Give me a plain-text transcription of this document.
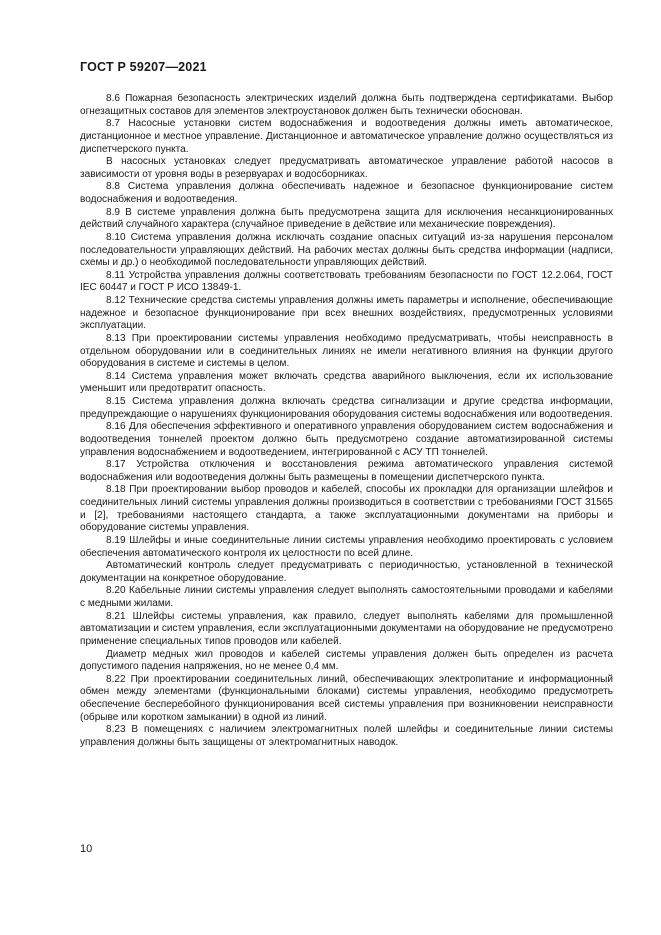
ГОСТ Р 59207—2021

8.6 Пожарная безопасность электрических изделий должна быть подтверждена сертификатами. Выбор огнезащитных составов для элементов электроустановок должен быть технически обоснован.

8.7 Насосные установки систем водоснабжения и водоотведения должны иметь автоматическое, дистанционное и местное управление. Дистанционное и автоматическое управление должно осуществляться из диспетчерского пункта.

В насосных установках следует предусматривать автоматическое управление работой насосов в зависимости от уровня воды в резервуарах и водосборниках.

8.8 Система управления должна обеспечивать надежное и безопасное функционирование систем водоснабжения и водоотведения.

8.9 В системе управления должна быть предусмотрена защита для исключения несанкционированных действий случайного характера (случайное приведение в действие или механические повреждения).

8.10 Система управления должна исключать создание опасных ситуаций из-за нарушения персоналом последовательности управляющих действий. На рабочих местах должны быть средства информации (надписи, схемы и др.) о необходимой последовательности управляющих действий.

8.11 Устройства управления должны соответствовать требованиям безопасности по ГОСТ 12.2.064, ГОСТ IEC 60447 и ГОСТ Р ИСО 13849-1.

8.12 Технические средства системы управления должны иметь параметры и исполнение, обеспечивающие надежное и безопасное функционирование при всех внешних воздействиях, предусмотренных условиями эксплуатации.

8.13 При проектировании системы управления необходимо предусматривать, чтобы неисправность в отдельном оборудовании или в соединительных линиях не имели негативного влияния на функции другого оборудования в системе и системы в целом.

8.14 Система управления может включать средства аварийного выключения, если их использование уменьшит или предотвратит опасность.

8.15 Система управления должна включать средства сигнализации и другие средства информации, предупреждающие о нарушениях функционирования оборудования системы водоснабжения или водоотведения.

8.16 Для обеспечения эффективного и оперативного управления оборудованием систем водоснабжения и водоотведения тоннелей проектом должно быть предусмотрено создание автоматизированной системы управления водоснабжением и водоотведением, интегрированной с АСУ ТП тоннелей.

8.17 Устройства отключения и восстановления режима автоматического управления системой водоснабжения или водоотведения должны быть размещены в помещении диспетчерского пункта.

8.18 При проектировании выбор проводов и кабелей, способы их прокладки для организации шлейфов и соединительных линий системы управления должны производиться в соответствии с требованиями ГОСТ 31565 и [2], требованиями настоящего стандарта, а также эксплуатационными документами на приборы и оборудование системы управления.

8.19 Шлейфы и иные соединительные линии системы управления необходимо проектировать с условием обеспечения автоматического контроля их целостности по всей длине.

Автоматический контроль следует предусматривать с периодичностью, установленной в технической документации на конкретное оборудование.

8.20 Кабельные линии системы управления следует выполнять самостоятельными проводами и кабелями с медными жилами.

8.21 Шлейфы системы управления, как правило, следует выполнять кабелями для промышленной автоматизации и систем управления, если эксплуатационными документами на оборудование не предусмотрено применение специальных типов проводов или кабелей.

Диаметр медных жил проводов и кабелей системы управления должен быть определен из расчета допустимого падения напряжения, но не менее 0,4 мм.

8.22 При проектировании соединительных линий, обеспечивающих электропитание и информационный обмен между элементами (функциональными блоками) системы управления, необходимо предусмотреть обеспечение бесперебойного функционирования всей системы управления при возникновении неисправности (обрыве или коротком замыкании) в одной из линий.

8.23 В помещениях с наличием электромагнитных полей шлейфы и соединительные линии системы управления должны быть защищены от электромагнитных наводок.

10
